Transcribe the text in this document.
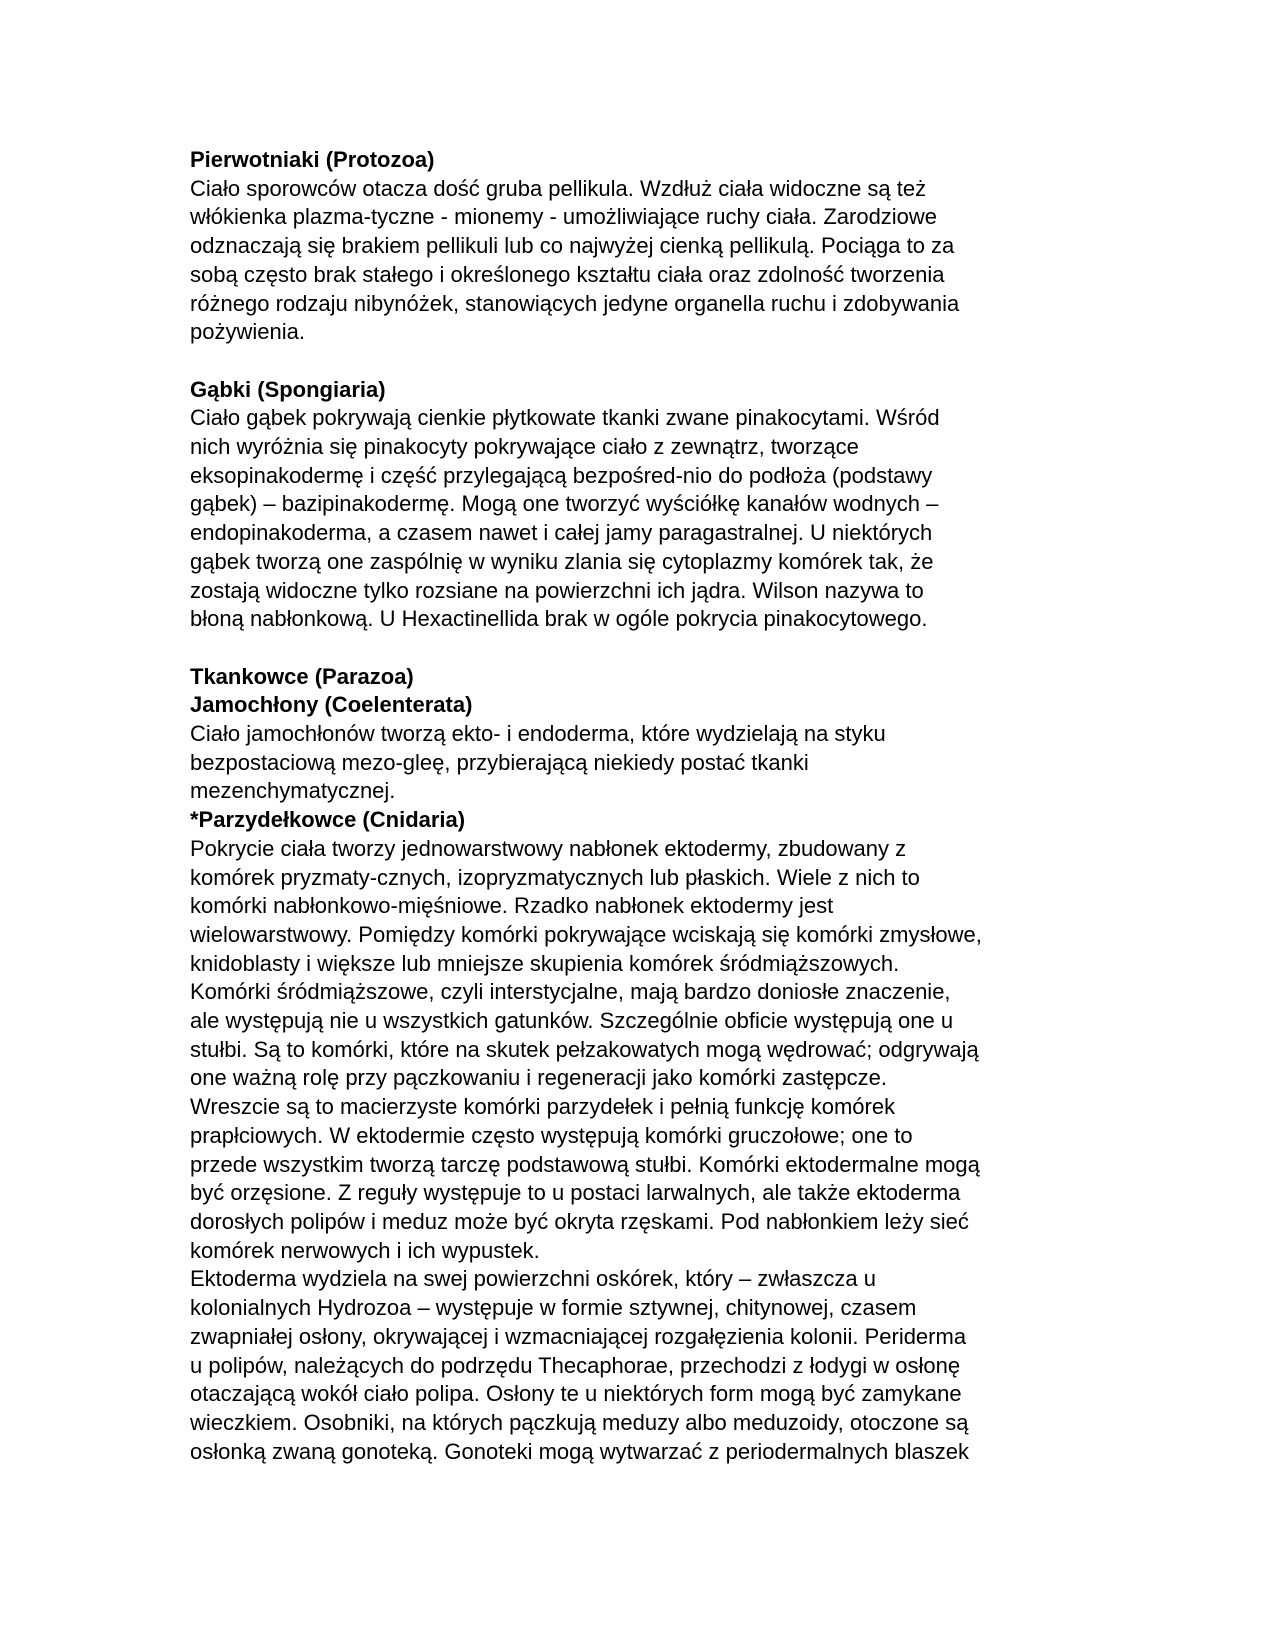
Pierwotniaki (Protozoa)
Ciało sporowców otacza dość gruba pellikula. Wzdłuż ciała widoczne są też
włókienka plazma-tyczne - mionemy - umożliwiające ruchy ciała. Zarodziowe
odznaczają się brakiem pellikuli lub co najwyżej cienką pellikulą. Pociąga to za
sobą często brak stałego i określonego kształtu ciała oraz zdolność tworzenia
różnego rodzaju nibynóżek, stanowiących jedyne organella ruchu i zdobywania
pożywienia.
Gąbki (Spongiaria)
Ciało gąbek pokrywają cienkie płytkowate tkanki zwane pinakocytami. Wśród
nich wyróżnia się pinakocyty pokrywające ciało z zewnątrz, tworzące
eksopinakodermę i część przylegającą bezpośred-nio do podłoża (podstawy
gąbek) – bazipinakodermę. Mogą one tworzyć wyściółkę kanałów wodnych –
endopinakoderma, a czasem nawet i całej jamy paragastralnej. U niektórych
gąbek tworzą one zaspólnię w wyniku zlania się cytoplazmy komórek tak, że
zostają widoczne tylko rozsiane na powierzchni ich jądra. Wilson nazywa to
błoną nabłonkową. U Hexactinellida brak w ogóle pokrycia pinakocytowego.
Tkankowce (Parazoa)
Jamochłony (Coelenterata)
Ciało jamochłonów tworzą ekto- i endoderma, które wydzielają na styku
bezpostaciową mezo-gleę, przybierającą niekiedy postać tkanki
mezenchymatycznej.
*Parzydełkowce (Cnidaria)
Pokrycie ciała tworzy jednowarstwowy nabłonek ektodermy, zbudowany z
komórek pryzmaty-cznych, izopryzmatycznych lub płaskich. Wiele z nich to
komórki nabłonkowo-mięśniowe. Rzadko nabłonek ektodermy jest
wielowarstwowy. Pomiędzy komórki pokrywające wciskają się komórki zmysłowe,
knidoblasty i większe lub mniejsze skupienia komórek śródmiąższowych.
Komórki śródmiąższowe, czyli interstycjalne, mają bardzo doniosłe znaczenie,
ale występują nie u wszystkich gatunków. Szczególnie obficie występują one u
stułbi. Są to komórki, które na skutek pełzakowatych mogą wędrować; odgrywają
one ważną rolę przy pączkowaniu i regeneracji jako komórki zastępcze.
Wreszcie są to macierzyste komórki parzydełek i pełnią funkcję komórek
prapłciowych. W ektodermie często występują komórki gruczołowe; one to
przede wszystkim tworzą tarczę podstawową stułbi. Komórki ektodermalne mogą
być orzęsione. Z reguły występuje to u postaci larwalnych, ale także ektoderma
dorosłych polipów i meduz może być okryta rzęskami. Pod nabłonkiem leży sieć
komórek nerwowych i ich wypustek.
Ektoderma wydziela na swej powierzchni oskórek, który – zwłaszcza u
kolonialnych Hydrozoa – występuje w formie sztywnej, chitynowej, czasem
zwapniałej osłony, okrywającej i wzmacniającej rozgałęzienia kolonii. Periderma
u polipów, należących do podrzędu Thecaphorae, przechodzi z łodygi w osłonę
otaczającą wokół ciało polipa. Osłony te u niektórych form mogą być zamykane
wieczkiem. Osobniki, na których pączkują meduzy albo meduzoidy, otoczone są
osłonką zwaną gonoteką. Gonoteki mogą wytwarzać z periodermalnych blaszek
